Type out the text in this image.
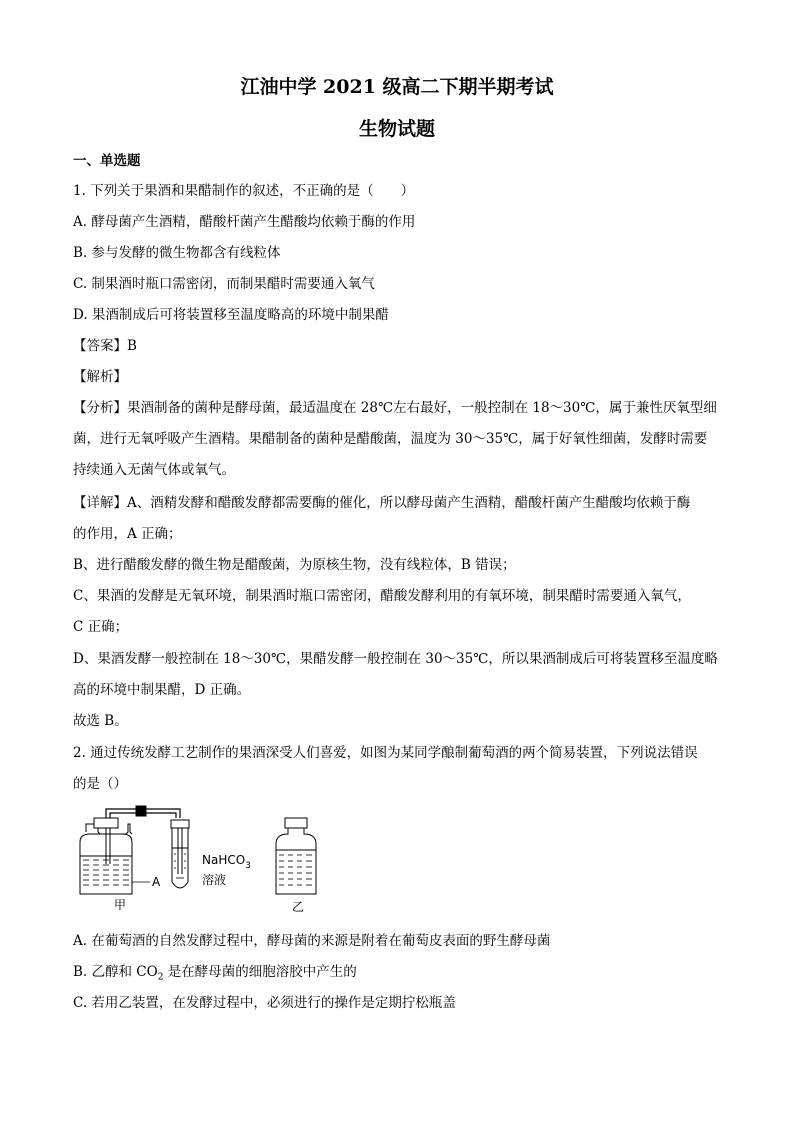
江油中学 2021 级高二下期半期考试
生物试题
一、单选题
1. 下列关于果酒和果醋制作的叙述，不正确的是（　　）
A. 酵母菌产生酒精，醋酸杆菌产生醋酸均依赖于酶的作用
B. 参与发酵的微生物都含有线粒体
C. 制果酒时瓶口需密闭，而制果醋时需要通入氧气
D. 果酒制成后可将装置移至温度略高的环境中制果醋
【答案】B
【解析】
【分析】果酒制备的菌种是酵母菌，最适温度在 28℃左右最好，一般控制在 18～30℃，属于兼性厌氧型细
菌，进行无氧呼吸产生酒精。果醋制备的菌种是醋酸菌，温度为 30～35℃，属于好氧性细菌，发酵时需要
持续通入无菌气体或氧气。
【详解】A、酒精发酵和醋酸发酵都需要酶的催化，所以酵母菌产生酒精，醋酸杆菌产生醋酸均依赖于酶
的作用，A 正确；
B、进行醋酸发酵的微生物是醋酸菌，为原核生物，没有线粒体，B 错误；
C、果酒的发酵是无氧环境，制果酒时瓶口需密闭，醋酸发酵利用的有氧环境，制果醋时需要通入氧气，
C 正确；
D、果酒发酵一般控制在 18～30℃，果醋发酵一般控制在 30～35℃，所以果酒制成后可将装置移至温度略
高的环境中制果醋，D 正确。
故选 B。
2. 通过传统发酵工艺制作的果酒深受人们喜爱，如图为某同学酿制葡萄酒的两个简易装置，下列说法错误
的是（）
A
甲
NaHCO$_3$
溶液
乙
A. 在葡萄酒的自然发酵过程中，酵母菌的来源是附着在葡萄皮表面的野生酵母菌
B. 乙醇和 $CO_2$ 是在酵母菌的细胞溶胶中产生的
C. 若用乙装置，在发酵过程中，必须进行的操作是定期拧松瓶盖
